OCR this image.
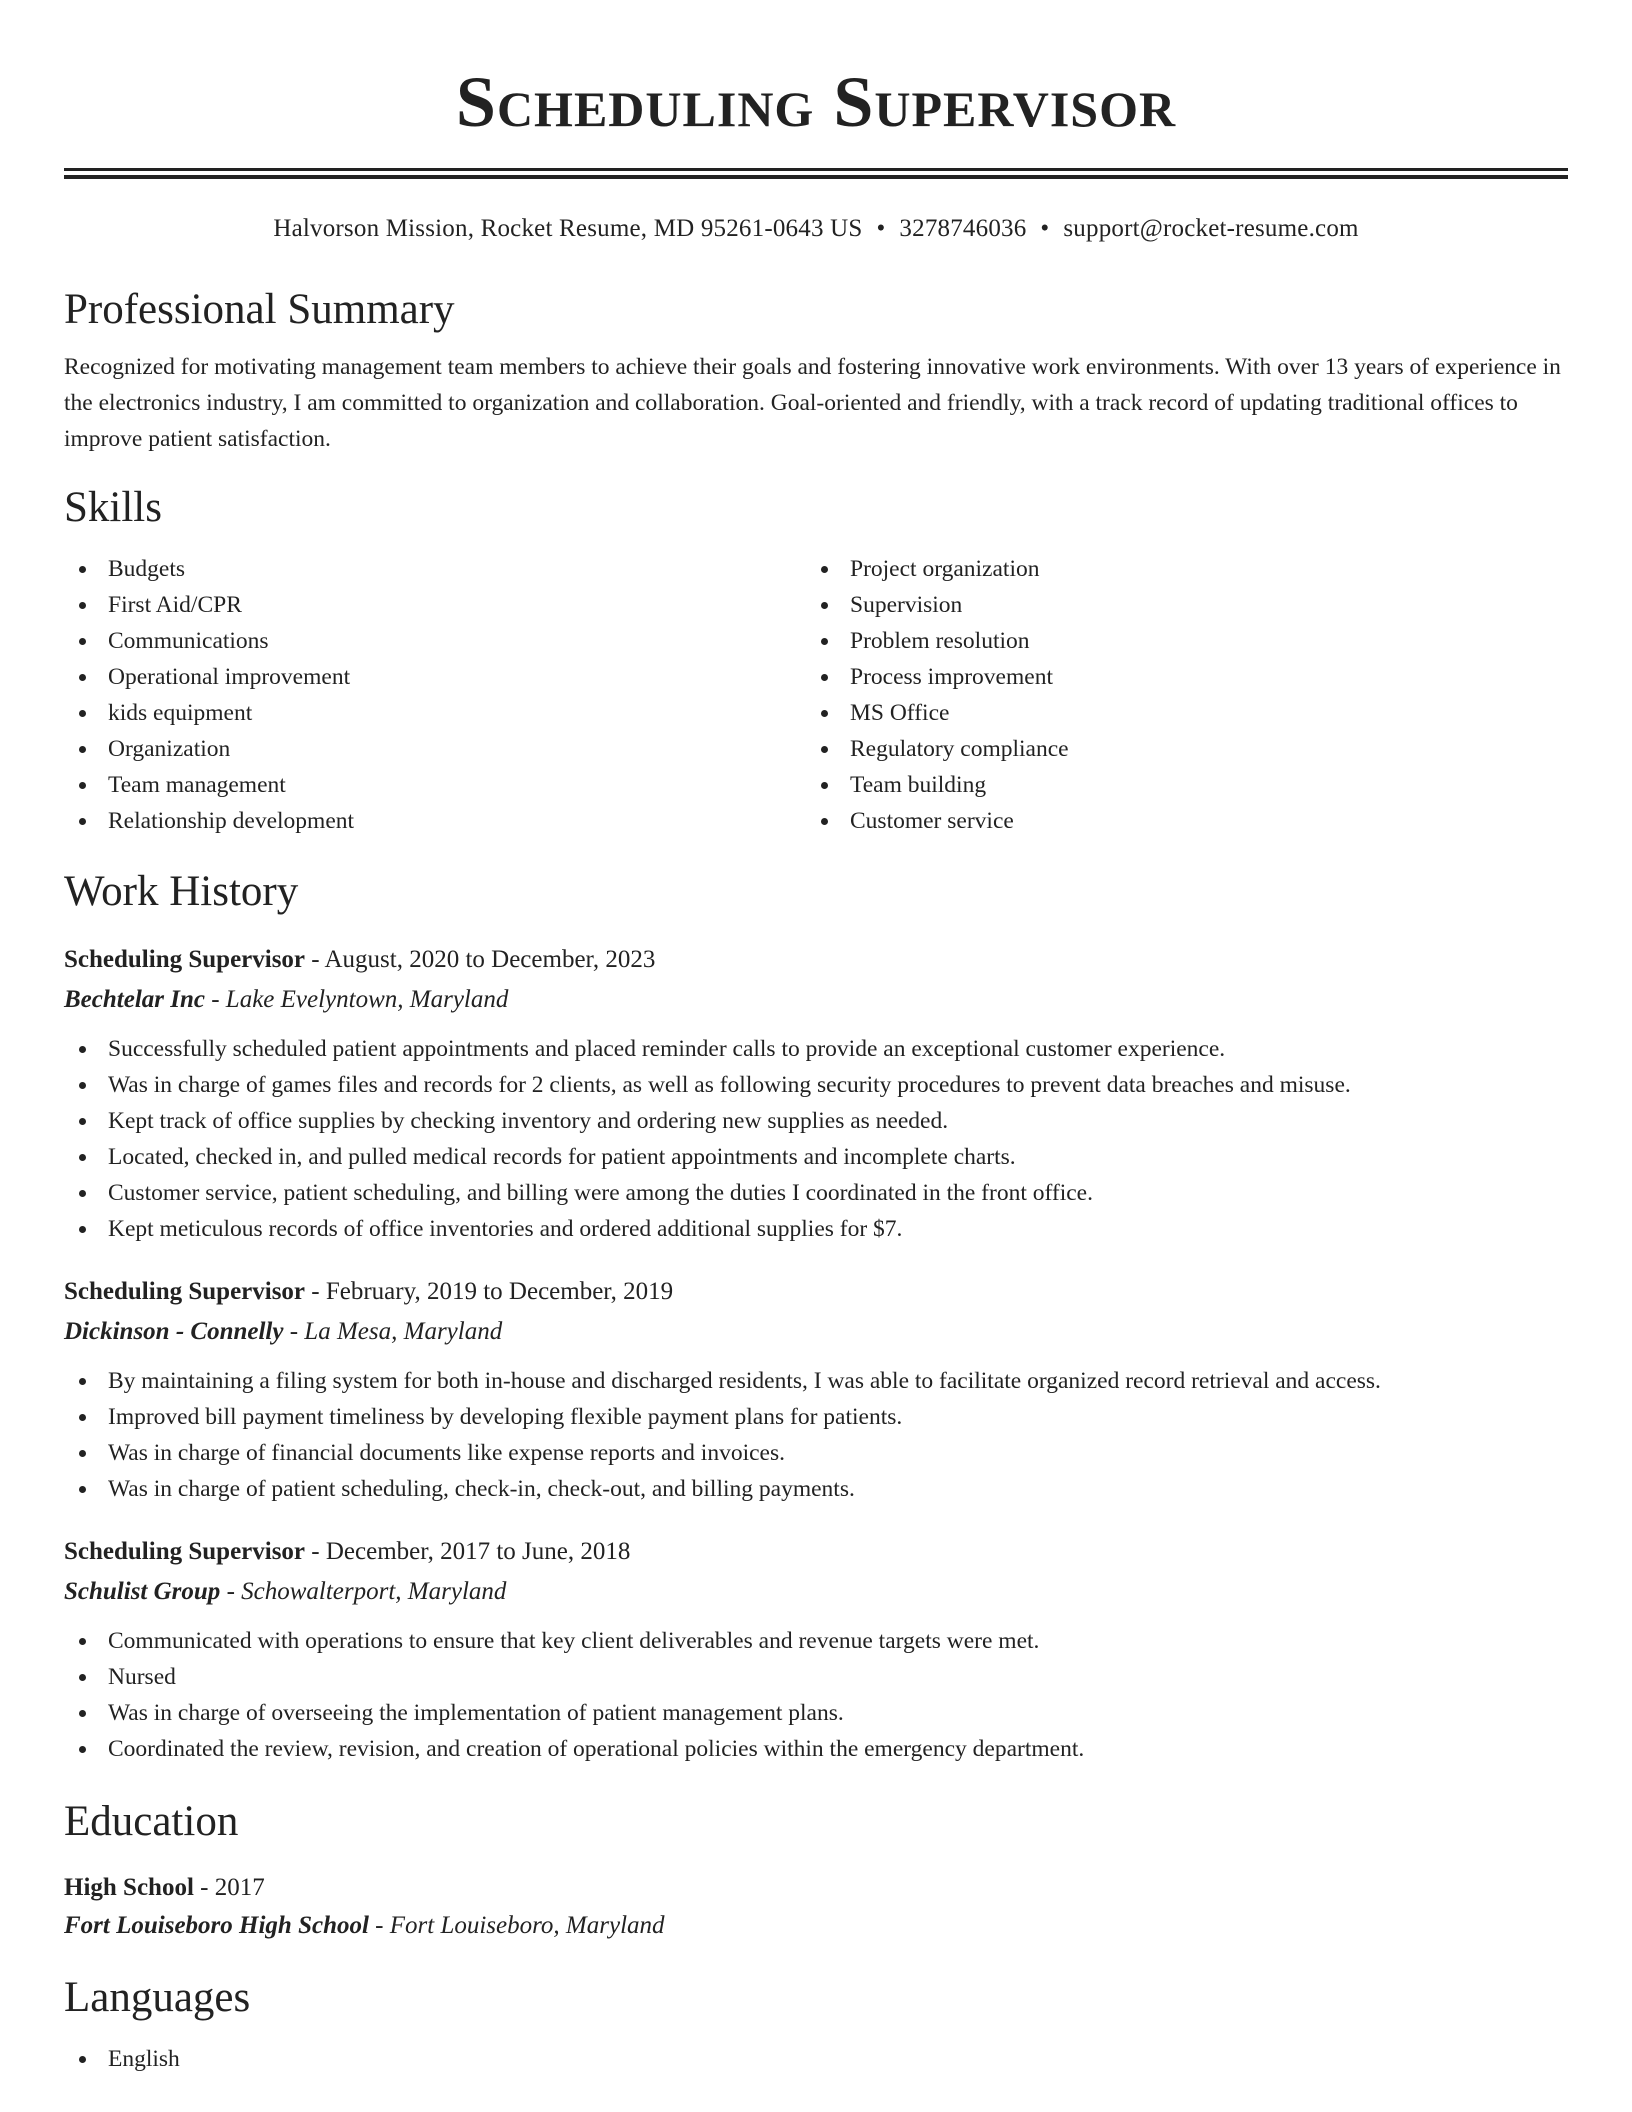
Scheduling Supervisor
Halvorson Mission, Rocket Resume, MD 95261-0643 US • 3278746036 • support@rocket-resume.com
Professional Summary

Recognized for motivating management team members to achieve their goals and fostering innovative work environments. With over 13 years of experience in the electronics industry, I am committed to organization and collaboration. Goal-oriented and friendly, with a track record of updating traditional offices to improve patient satisfaction.

Skills
Budgets
First Aid/CPR
Communications
Operational improvement
kids equipment
Organization
Team management
Relationship development
Project organization
Supervision
Problem resolution
Process improvement
MS Office
Regulatory compliance
Team building
Customer service
Work History
Scheduling Supervisor - August, 2020 to December, 2023
Bechtelar Inc - Lake Evelyntown, Maryland
Successfully scheduled patient appointments and placed reminder calls to provide an exceptional customer experience.
Was in charge of games files and records for 2 clients, as well as following security procedures to prevent data breaches and misuse.
Kept track of office supplies by checking inventory and ordering new supplies as needed.
Located, checked in, and pulled medical records for patient appointments and incomplete charts.
Customer service, patient scheduling, and billing were among the duties I coordinated in the front office.
Kept meticulous records of office inventories and ordered additional supplies for $7.
Scheduling Supervisor - February, 2019 to December, 2019
Dickinson - Connelly - La Mesa, Maryland
By maintaining a filing system for both in-house and discharged residents, I was able to facilitate organized record retrieval and access.
Improved bill payment timeliness by developing flexible payment plans for patients.
Was in charge of financial documents like expense reports and invoices.
Was in charge of patient scheduling, check-in, check-out, and billing payments.
Scheduling Supervisor - December, 2017 to June, 2018
Schulist Group - Schowalterport, Maryland
Communicated with operations to ensure that key client deliverables and revenue targets were met.
Nursed
Was in charge of overseeing the implementation of patient management plans.
Coordinated the review, revision, and creation of operational policies within the emergency department.
Education
High School - 2017
Fort Louiseboro High School - Fort Louiseboro, Maryland
Languages
English
